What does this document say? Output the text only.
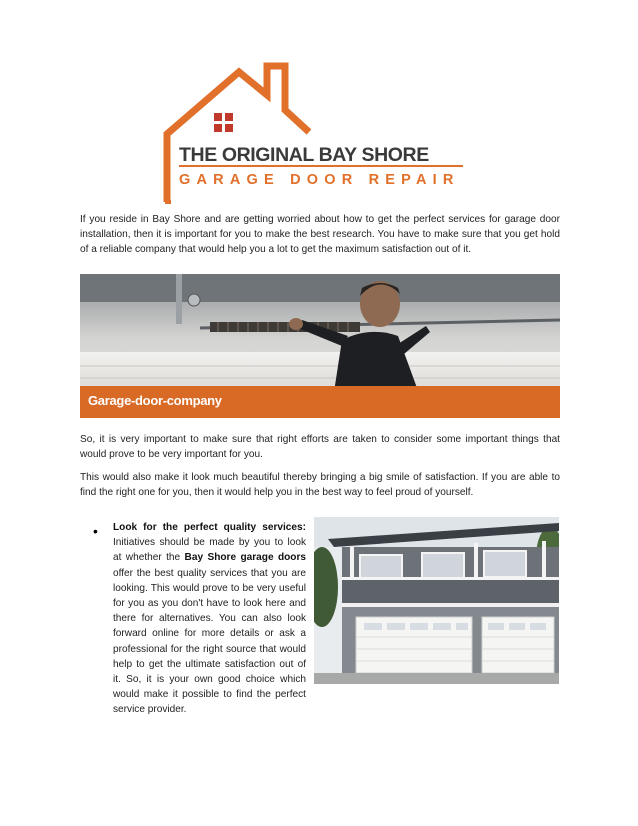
THE ORIGINAL BAY SHORE
GARAGE DOOR REPAIR

If you reside in Bay Shore and are getting worried about how to get the perfect services for garage door installation, then it is important for you to make the best research. You have to make sure that you get hold of a reliable company that would help you a lot to get the maximum satisfaction out of it.

Garage-door-company

So, it is very important to make sure that right efforts are taken to consider some important things that would prove to be very important for you.

This would also make it look much beautiful thereby bringing a big smile of satisfaction. If you are able to find the right one for you, then it would help you in the best way to feel proud of yourself.

• Look for the perfect quality services: Initiatives should be made by you to look at whether the Bay Shore garage doors offer the best quality services that you are looking. This would prove to be very useful for you as you don't have to look here and there for alternatives. You can also look forward online for more details or ask a professional for the right source that would help to get the ultimate satisfaction out of it. So, it is your own good choice which would make it possible to find the perfect service provider.
